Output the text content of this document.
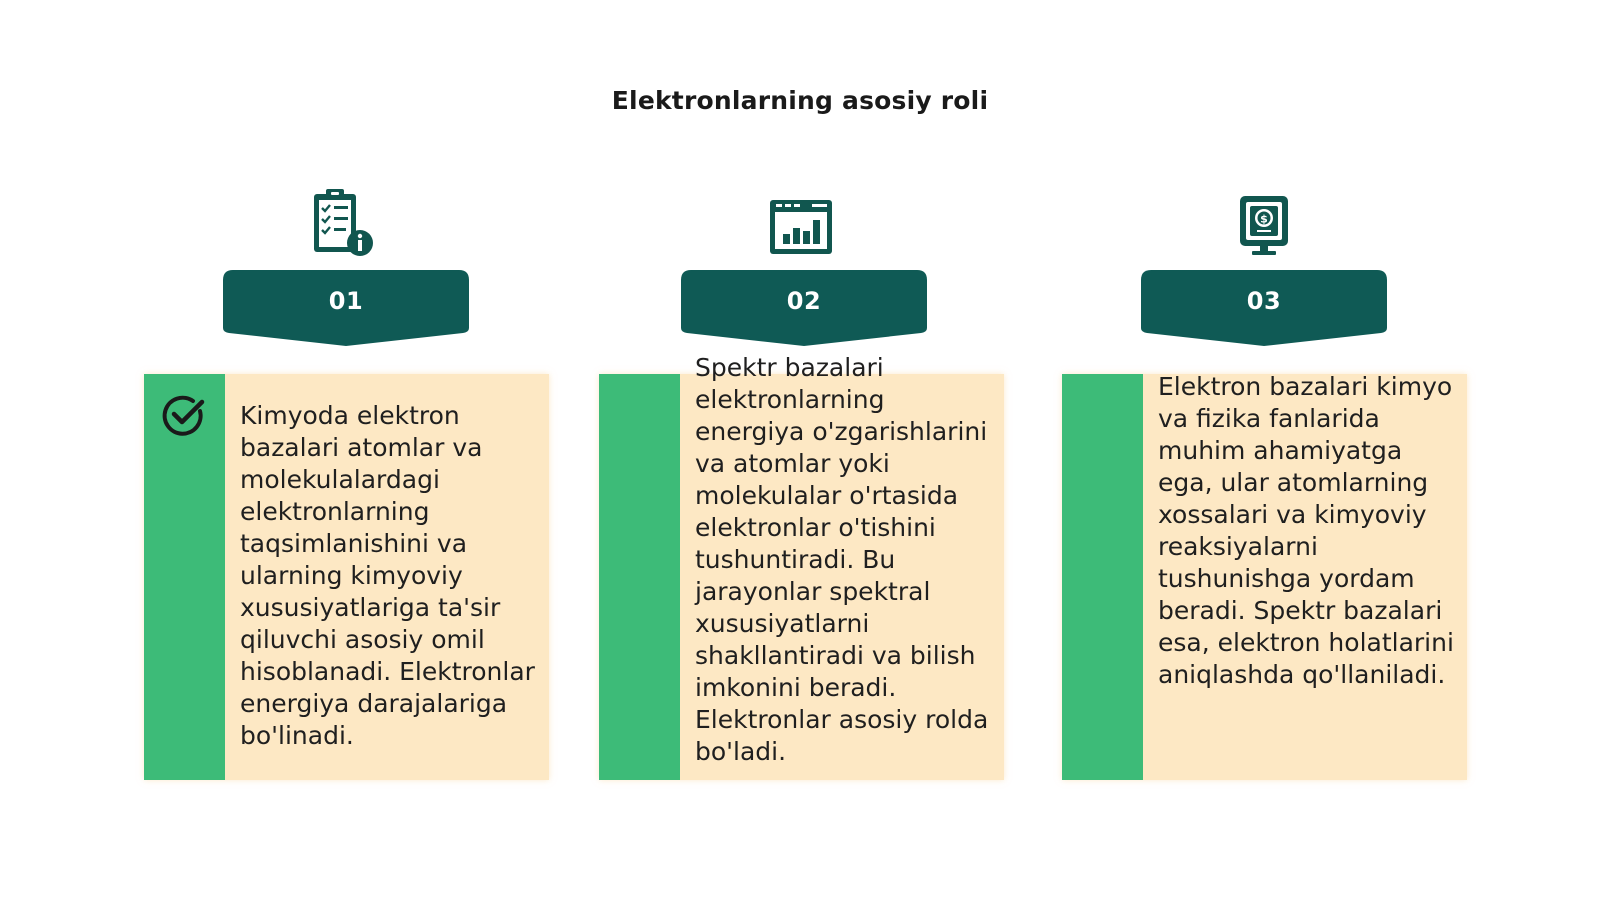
Elektronlarning asosiy roli
01
Kimyoda elektron bazalari atomlar va molekulalardagi elektronlarning taqsimlanishini va ularning kimyoviy xususiyatlariga ta'sir qiluvchi asosiy omil hisoblanadi. Elektronlar energiya darajalariga bo'linadi.
02
Spektr bazalari elektronlarning energiya o'zgarishlarini va atomlar yoki molekulalar o'rtasida elektronlar o'tishini tushuntiradi. Bu jarayonlar spektral xususiyatlarni shakllantiradi va bilish imkonini beradi. Elektronlar asosiy rolda bo'ladi.
$
03
Elektron bazalari kimyo va fizika fanlarida muhim ahamiyatga ega, ular atomlarning xossalari va kimyoviy reaksiyalarni tushunishga yordam beradi. Spektr bazalari esa, elektron holatlarini aniqlashda qo'llaniladi.
